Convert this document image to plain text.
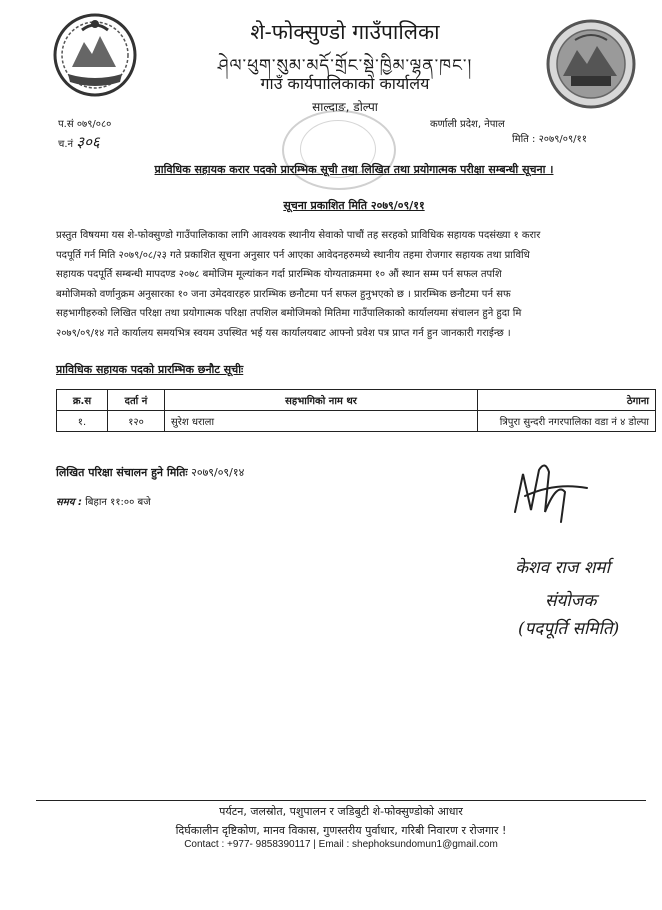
शे-फोक्सुण्डो गाउँपालिका
ཤེལ་ཕུག་སུམ་མདོ་གྲོང་སྡེ་ཁྱིམ་ལྷན་ཁང་།
गाउँ कार्यपालिकाको कार्यालय
साल्दाङ, डोल्पा
प.सं ०७९/०८०
च.नं ३०६
कर्णाली प्रदेश, नेपाल
मिति : २०७९/०९/११
प्राविधिक सहायक करार पदको प्रारम्भिक सूची तथा लिखित तथा प्रयोगात्मक परीक्षा सम्बन्धी सूचना ।
सूचना प्रकाशित मिति २०७९/०९/११
प्रस्तुत विषयमा यस शे-फोक्सुण्डो गाउँपालिकाका लागि आवश्यक स्थानीय सेवाको पाचौं तह सरहको प्राविधिक सहायक पदसंख्या १ करार
पदपूर्ति गर्न मिति २०७९/०८/२३ गते प्रकाशित सूचना अनुसार पर्न आएका आवेदनहरुमध्ये स्थानीय तहमा रोजगार सहायक तथा प्राविधि
सहायक पदपूर्ति सम्बन्धी मापदण्ड २०७८ बमोजिम मूल्यांकन गर्दा प्रारम्भिक योग्यताक्रममा १० औं स्थान सम्म पर्न सफल तपशि
बमोजिमको वर्णानुक्रम अनुसारका १० जना उमेदवारहरु प्रारम्भिक छनौटमा पर्न सफल हुनुभएको छ । प्रारम्भिक छनौटमा पर्न सफ
सहभागीहरुको लिखित परिक्षा तथा प्रयोगात्मक परिक्षा तपशिल बमोजिमको मितिमा गाउँपालिकाको कार्यालयमा संचालन हुने हुदा मि
२०७९/०९/१४ गते कार्यालय समयभित्र स्वयम उपस्थित भई यस कार्यालयबाट आफ्नो प्रवेश पत्र प्राप्त गर्न हुन जानकारी गराईन्छ ।
प्राविधिक सहायक पदको प्रारम्भिक छनौट सूचीः
क्र.स	दर्ता नं	सहभागिको नाम थर	ठेगाना
१.	१२०	सुरेश धराला	त्रिपुरा सुन्दरी नगरपालिका वडा नं ४ डोल्पा
लिखित परिक्षा संचालन हुने मितिः २०७९/०९/१४
समय : बिहान ११:०० बजे
केशव राज शर्मा
संयोजक
(पदपूर्ति समिति)
पर्यटन, जलस्रोत, पशुपालन र जडिबुटी शे-फोक्सुण्डोको आधार
दिर्घकालीन दृष्टिकोण, मानव विकास, गुणस्तरीय पुर्वाधार, गरिबी निवारण र रोजगार !
Contact : +977- 9858390117 | Email : shephoksundomun1@gmail.com
